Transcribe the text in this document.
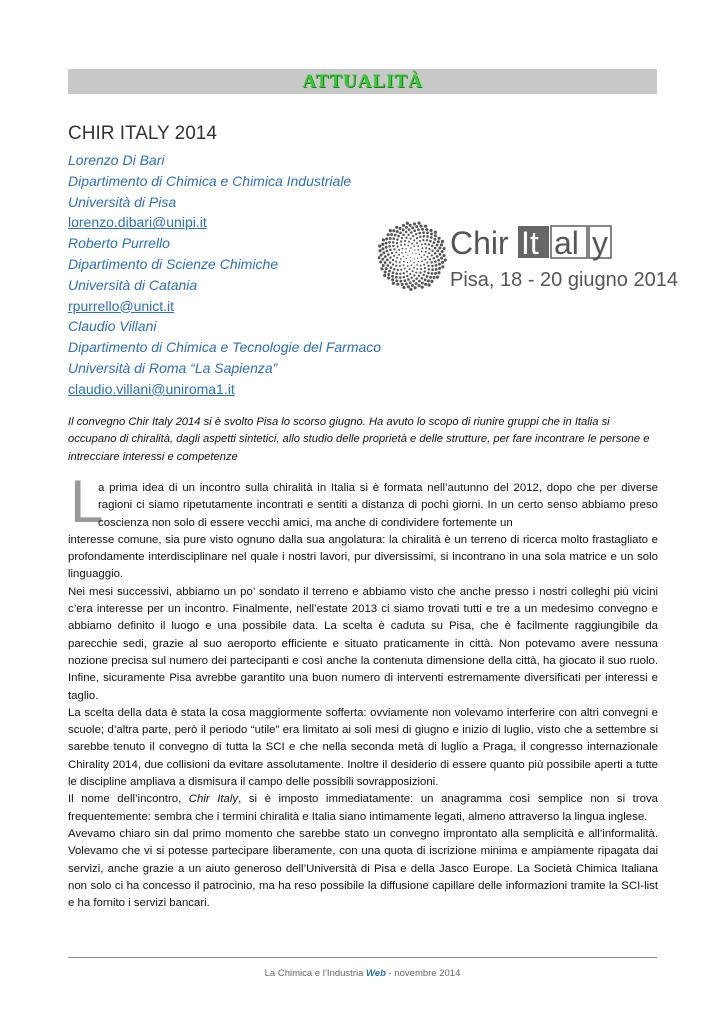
ATTUALITÀ
CHIR ITALY 2014
Lorenzo Di Bari
Dipartimento di Chimica e Chimica Industriale
Università di Pisa
lorenzo.dibari@unipi.it
Roberto Purrello
Dipartimento di Scienze Chimiche
Università di Catania
rpurrello@unict.it
Claudio Villani
Dipartimento di Chimica e Tecnologie del Farmaco
Università di Roma “La Sapienza”
claudio.villani@uniroma1.it
Chir It al y
Pisa, 18 - 20 giugno 2014
Il convegno Chir Italy 2014 si è svolto Pisa lo scorso giugno. Ha avuto lo scopo di riunire gruppi che in Italia si occupano di chiralità, dagli aspetti sintetici, allo studio delle proprietà e delle strutture, per fare incontrare le persone e intrecciare interessi e competenze
L

a prima idea di un incontro sulla chiralità in Italia si è formata nell’autunno del 2012, dopo che per diverse ragioni ci siamo ripetutamente incontrati e sentiti a distanza di pochi giorni. In un certo senso abbiamo preso coscienza non solo di essere vecchi amici, ma anche di condividere fortemente un

interesse comune, sia pure visto ognuno dalla sua angolatura: la chiralità è un terreno di ricerca molto frastagliato e profondamente interdisciplinare nel quale i nostri lavori, pur diversissimi, si incontrano in una sola matrice e un solo linguaggio.

Nei mesi successivi, abbiamo un po’ sondato il terreno e abbiamo visto che anche presso i nostri colleghi più vicini c’era interesse per un incontro. Finalmente, nell’estate 2013 ci siamo trovati tutti e tre a un medesimo convegno e abbiamo definito il luogo e una possibile data. La scelta è caduta su Pisa, che è facilmente raggiungibile da parecchie sedi, grazie al suo aeroporto efficiente e situato praticamente in città. Non potevamo avere nessuna nozione precisa sul numero dei partecipanti e così anche la contenuta dimensione della città, ha giocato il suo ruolo. Infine, sicuramente Pisa avrebbe garantito una buon numero di interventi estremamente diversificati per interessi e taglio.

La scelta della data è stata la cosa maggiormente sofferta: ovviamente non volevamo interferire con altri convegni e scuole; d’altra parte, però il periodo “utile” era limitato ai soli mesi di giugno e inizio di luglio, visto che a settembre si sarebbe tenuto il convegno di tutta la SCI e che nella seconda metà di luglio a Praga, il congresso internazionale Chirality 2014, due collisioni da evitare assolutamente. Inoltre il desiderio di essere quanto più possibile aperti a tutte le discipline ampliava a dismisura il campo delle possibili sovrapposizioni.

Il nome dell’incontro, Chir Italy, si è imposto immediatamente: un anagramma così semplice non si trova frequentemente: sembra che i termini chiralità e Italia siano intimamente legati, almeno attraverso la lingua inglese.

Avevamo chiaro sin dal primo momento che sarebbe stato un convegno improntato alla semplicità e all’informalità. Volevamo che vi si potesse partecipare liberamente, con una quota di iscrizione minima e ampiamente ripagata dai servizi, anche grazie a un aiuto generoso dell’Università di Pisa e della Jasco Europe. La Società Chimica Italiana non solo ci ha concesso il patrocinio, ma ha reso possibile la diffusione capillare delle informazioni tramite la SCI-list e ha fornito i servizi bancari.

La Chimica e l’Industria Web - novembre 2014
